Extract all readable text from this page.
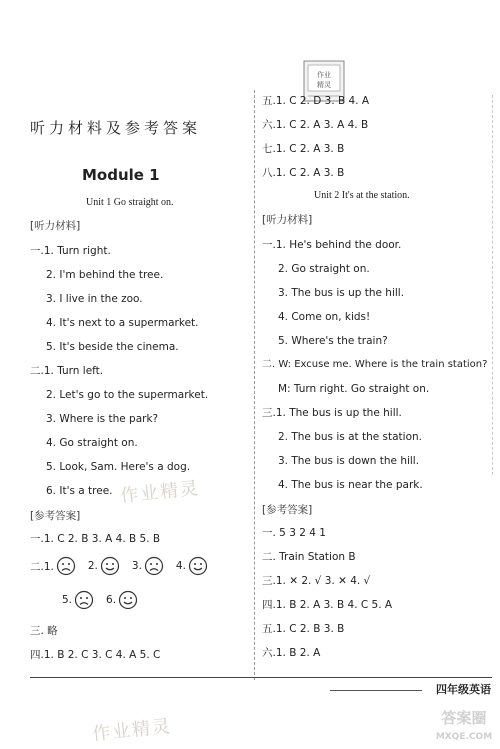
作业
精灵
听力材料及参考答案
Module 1
Unit 1 Go straight on.
[听力材料]
一.1. Turn right.
2. I'm behind the tree.
3. I live in the zoo.
4. It's next to a supermarket.
5. It's beside the cinema.
二.1. Turn left.
2. Let's go to the supermarket.
3. Where is the park?
4. Go straight on.
5. Look, Sam. Here's a dog.
6. It's a tree.
[参考答案]
一.1. C 2. B 3. A 4. B 5. B
二.1.	2.	3.	4.
5.	6.
三. 略
四.1. B 2. C 3. C 4. A 5. C
五.1. C 2. D 3. B 4. A
六.1. C 2. A 3. A 4. B
七.1. C 2. A 3. B
八.1. C 2. A 3. B
Unit 2 It's at the station.
[听力材料]
一.1. He's behind the door.
2. Go straight on.
3. The bus is up the hill.
4. Come on, kids!
5. Where's the train?
二. W: Excuse me. Where is the train station?
M: Turn right. Go straight on.
三.1. The bus is up the hill.
2. The bus is at the station.
3. The bus is down the hill.
4. The bus is near the park.
[参考答案]
一. 5 3 2 4 1
二. Train Station B
三.1. ✕ 2. √ 3. ✕ 4. √
四.1. B 2. A 3. B 4. C 5. A
五.1. C 2. B 3. B
六.1. B 2. A
作业精灵
作业精灵
四年级英语
答案圈
MXQE.COM
